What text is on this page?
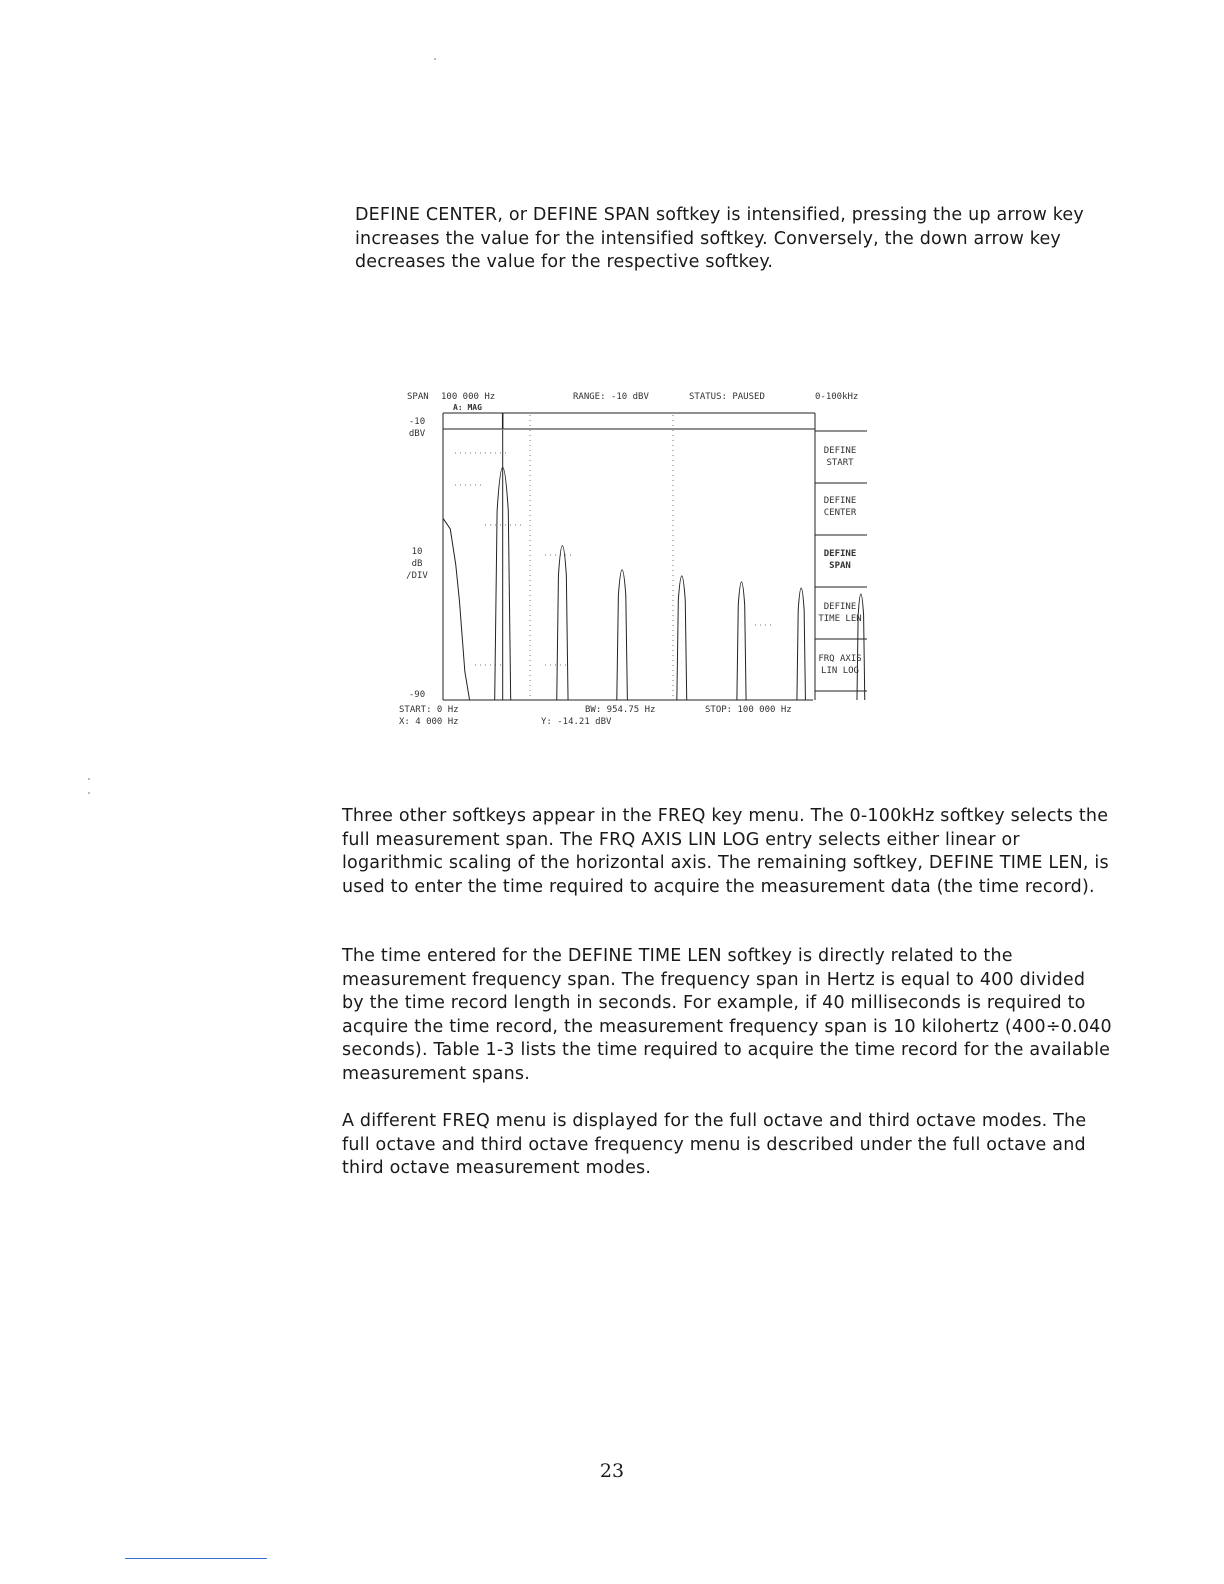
DEFINE CENTER, or DEFINE SPAN softkey is intensified, pressing the up arrow key increases the value for the intensified softkey. Conversely, the down arrow key decreases the value for the respective softkey.

SPAN 100 000 Hz
A: MAG
RANGE: -10 dBV	STATUS: PAUSED	0-100kHz
-10
dBV
10
dB
/DIV
-90
DEFINE
START
DEFINE
CENTER
DEFINE
SPAN
DEFINE
TIME LEN
FRQ AXIS
LIN LOG
START: 0 Hz	BW: 954.75 Hz	STOP: 100 000 Hz
X: 4 000 Hz	Y: -14.21 dBV

Three other softkeys appear in the FREQ key menu. The 0-100kHz softkey selects the full measurement span. The FRQ AXIS LIN LOG entry selects either linear or logarithmic scaling of the horizontal axis. The remaining softkey, DEFINE TIME LEN, is used to enter the time required to acquire the measurement data (the time record).

The time entered for the DEFINE TIME LEN softkey is directly related to the measurement frequency span. The frequency span in Hertz is equal to 400 divided by the time record length in seconds. For example, if 40 milliseconds is required to acquire the time record, the measurement frequency span is 10 kilohertz (400÷0.040 seconds). Table 1-3 lists the time required to acquire the time record for the available measurement spans.

A different FREQ menu is displayed for the full octave and third octave modes. The full octave and third octave frequency menu is described under the full octave and third octave measurement modes.

23
